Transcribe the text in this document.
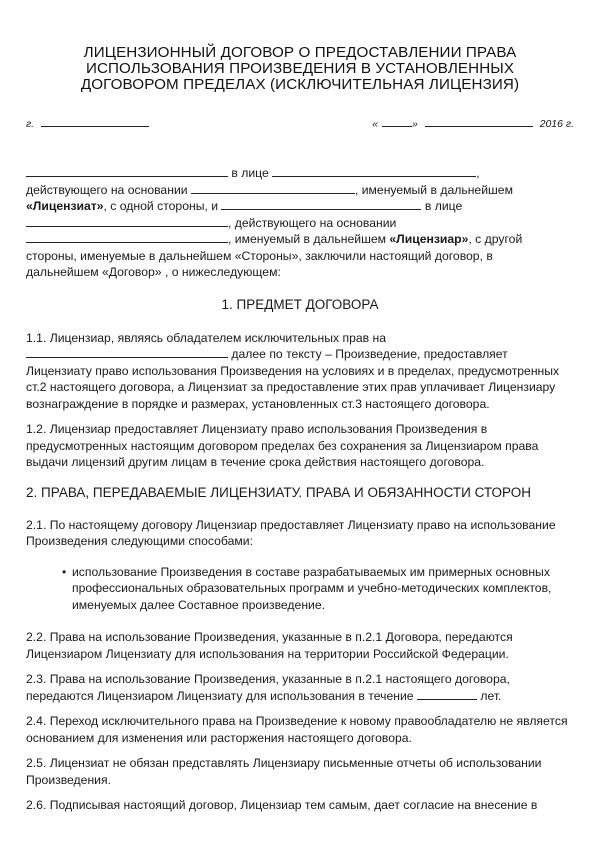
ЛИЦЕНЗИОННЫЙ ДОГОВОР О ПРЕДОСТАВЛЕНИИ ПРАВА
ИСПОЛЬЗОВАНИЯ ПРОИЗВЕДЕНИЯ В УСТАНОВЛЕННЫХ
ДОГОВОРОМ ПРЕДЕЛАХ (ИСКЛЮЧИТЕЛЬНАЯ ЛИЦЕНЗИЯ)
г.	«	»	2016 г.
в лице	,
действующего на основании	, именуемый в дальнейшем
«Лицензиат», с одной стороны, и	в лице
, действующего на основании
, именуемый в дальнейшем «Лицензиар», с другой
стороны, именуемые в дальнейшем «Стороны», заключили настоящий договор, в
дальнейшем «Договор» , о нижеследующем:
1. ПРЕДМЕТ ДОГОВОРА
1.1. Лицензиар, являясь обладателем исключительных прав на
далее по тексту – Произведение, предоставляет
Лицензиату право использования Произведения на условиях и в пределах, предусмотренных ст.2 настоящего договора, а Лицензиат за предоставление этих прав уплачивает Лицензиару вознаграждение в порядке и размерах, установленных ст.3 настоящего договора.
1.2. Лицензиар предоставляет Лицензиату право использования Произведения в предусмотренных настоящим договором пределах без сохранения за Лицензиаром права выдачи лицензий другим лицам в течение срока действия настоящего договора.
2. ПРАВА, ПЕРЕДАВАЕМЫЕ ЛИЦЕНЗИАТУ. ПРАВА И ОБЯЗАННОСТИ СТОРОН
2.1. По настоящему договору Лицензиар предоставляет Лицензиату право на использование Произведения следующими способами:
• использование Произведения в составе разрабатываемых им примерных основных профессиональных образовательных программ и учебно-методических комплектов, именуемых далее Составное произведение.
2.2. Права на использование Произведения, указанные в п.2.1 Договора, передаются Лицензиаром Лицензиату для использования на территории Российской Федерации.
2.3. Права на использование Произведения, указанные в п.2.1 настоящего договора, передаются Лицензиаром Лицензиату для использования в течение	лет.
2.4. Переход исключительного права на Произведение к новому правообладателю не является основанием для изменения или расторжения настоящего договора.
2.5. Лицензиат не обязан представлять Лицензиару письменные отчеты об использовании Произведения.
2.6. Подписывая настоящий договор, Лицензиар тем самым, дает согласие на внесение в
